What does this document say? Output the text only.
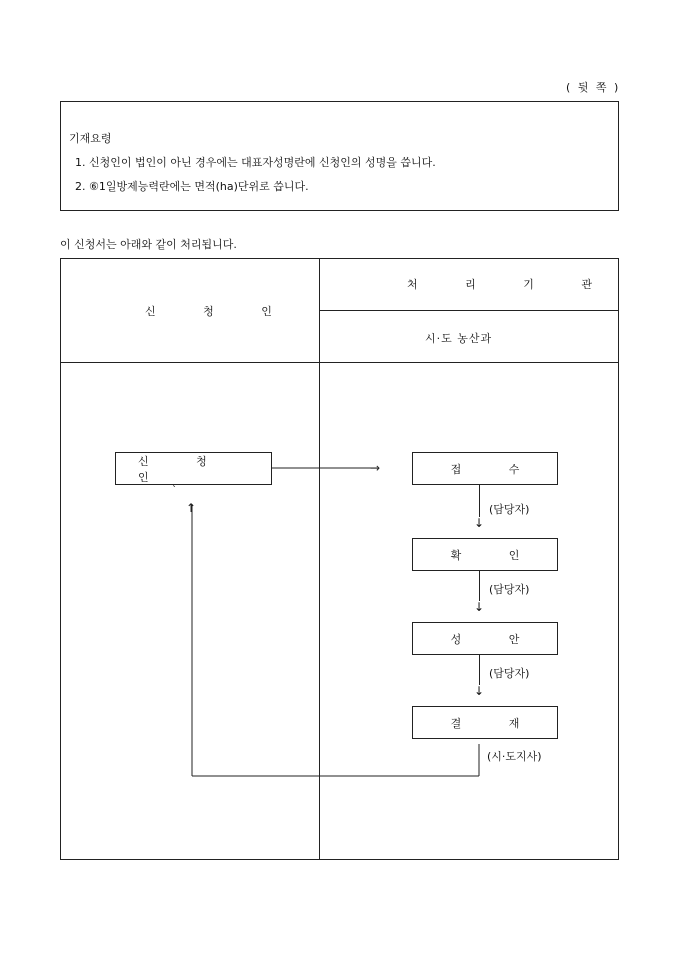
( 뒷 쪽 )
기재요령
1. 신청인이 법인이 아닌 경우에는 대표자성명란에 신청인의 성명을 씁니다.
2. ⑥1일방제능력란에는 면적(ha)단위로 씁니다.
이 신청서는 아래와 같이 처리됩니다.
신 청 인
처 리 기 관
시·도 농산과
신 청 인
`
→
↑
접 수
↓
(담당자)
확 인
↓
(담당자)
성 안
↓
(담당자)
결 재
(시·도지사)
